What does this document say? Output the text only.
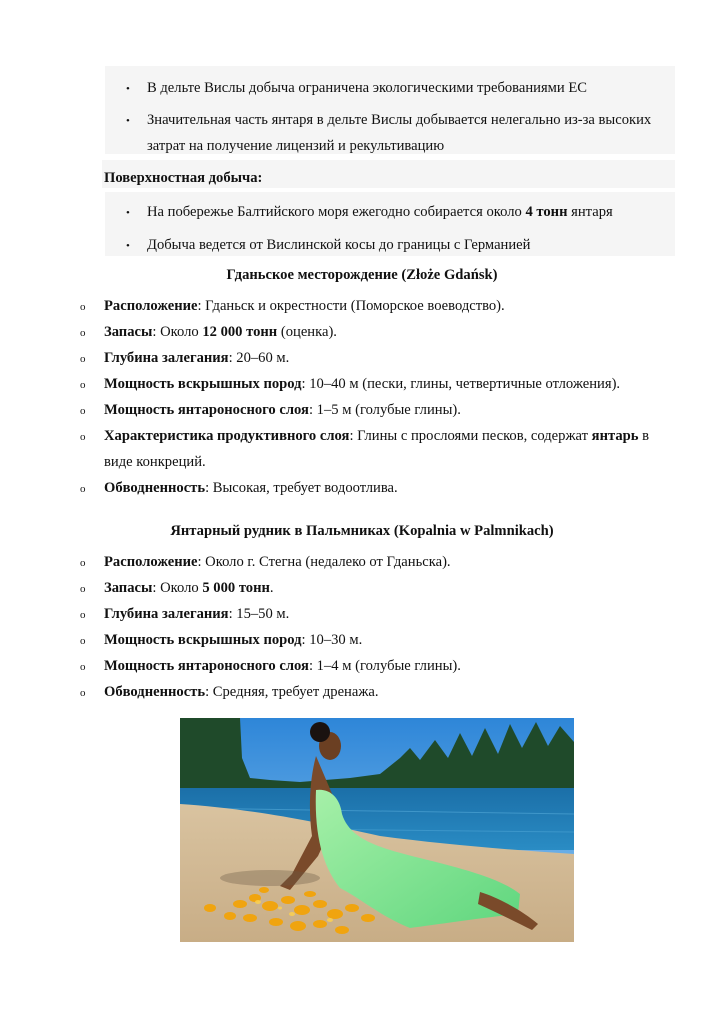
• В дельте Вислы добыча ограничена экологическими требованиями ЕС
• Значительная часть янтаря в дельте Вислы добывается нелегально из-за высоких
затрат на получение лицензий и рекультивацию
Поверхностная добыча:
• На побережье Балтийского моря ежегодно собирается около 4 тонн янтаря
• Добыча ведется от Вислинской косы до границы с Германией
Гданьское месторождение (Złoże Gdańsk)
o Расположение: Гданьск и окрестности (Поморское воеводство).
o Запасы: Около 12 000 тонн (оценка).
o Глубина залегания: 20–60 м.
o Мощность вскрышных пород: 10–40 м (пески, глины, четвертичные отложения).
o Мощность янтароносного слоя: 1–5 м (голубые глины).
o Характеристика продуктивного слоя: Глины с прослоями песков, содержат янтарь в
виде конкреций.
o Обводненность: Высокая, требует водоотлива.
Янтарный рудник в Пальмниках (Kopalnia w Palmnikach)
o Расположение: Около г. Стегна (недалеко от Гданьска).
o Запасы: Около 5 000 тонн.
o Глубина залегания: 15–50 м.
o Мощность вскрышных пород: 10–30 м.
o Мощность янтароносного слоя: 1–4 м (голубые глины).
o Обводненность: Средняя, требует дренажа.
